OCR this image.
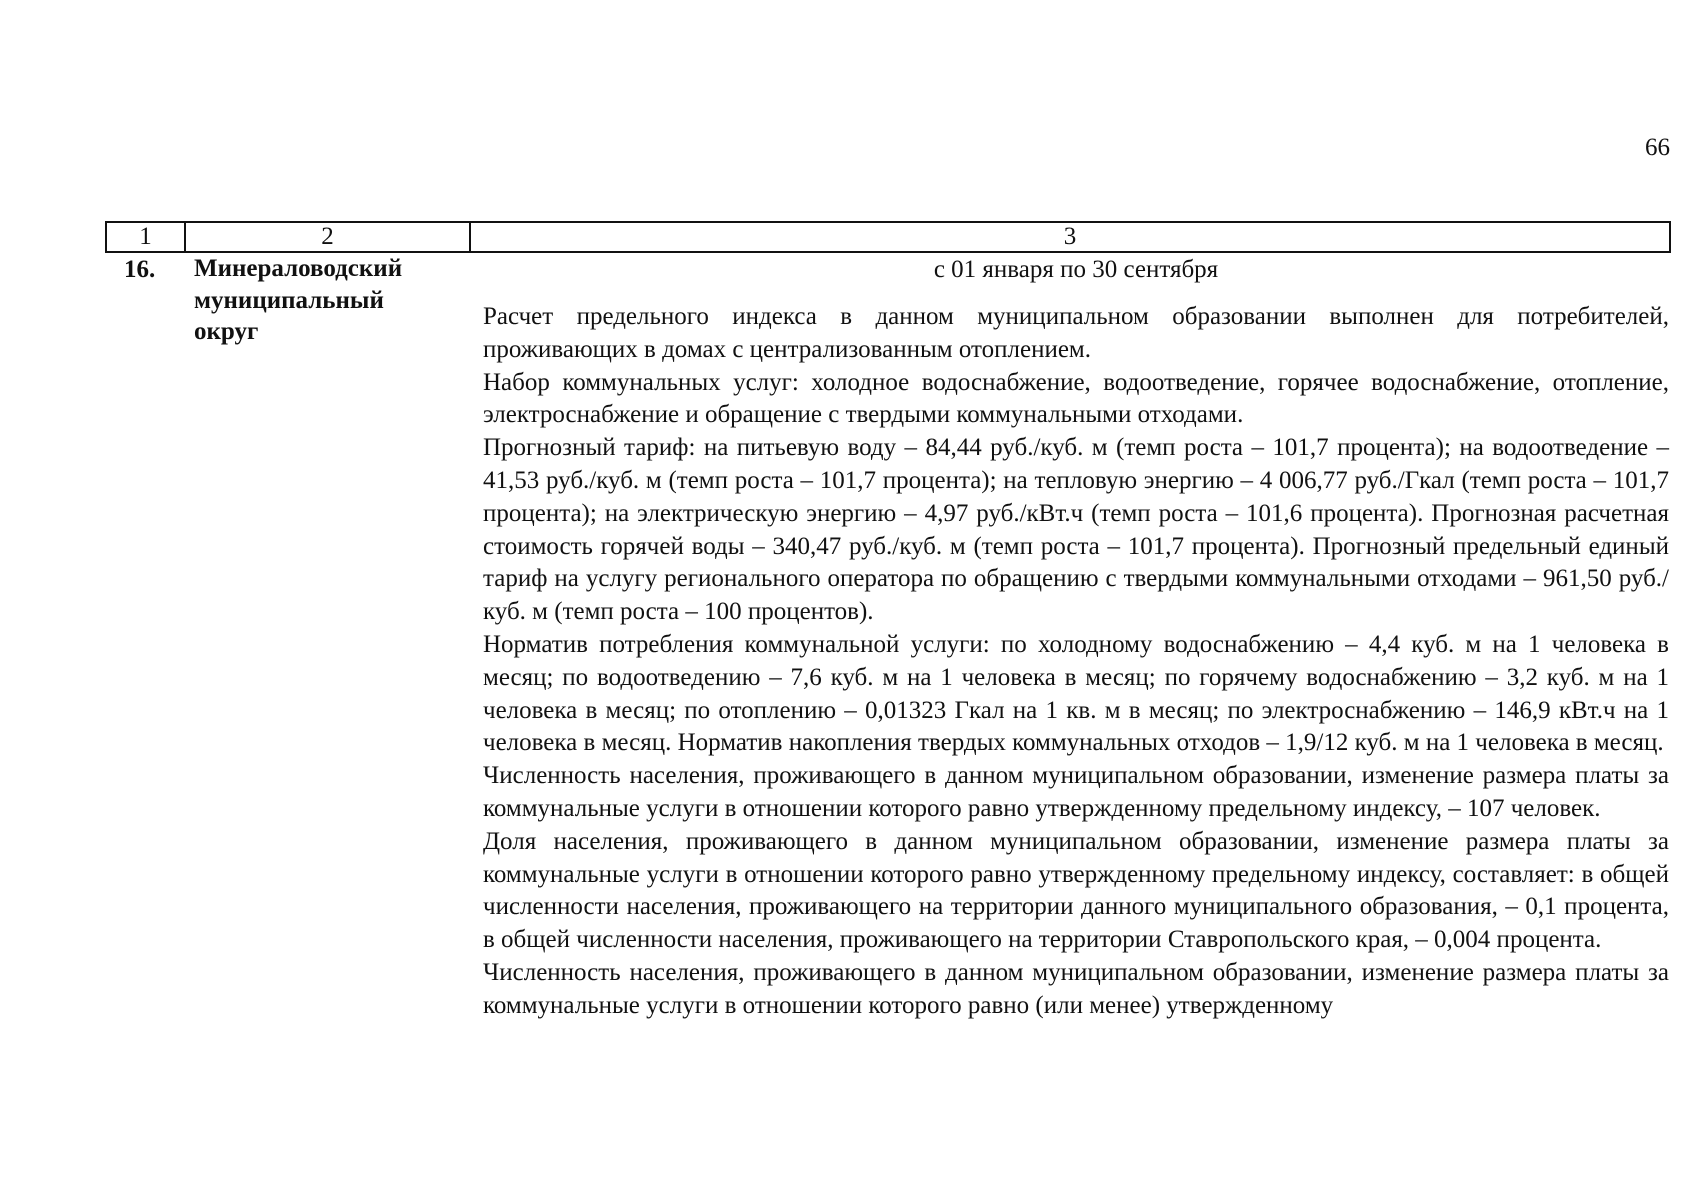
66
1	2	3
16. Минераловодский
муниципальный
округ
с 01 января по 30 сентября

Расчет предельного индекса в данном муниципальном образовании выполнен для потребителей, проживающих в домах с централизованным отоплением.

Набор коммунальных услуг: холодное водоснабжение, водоотведение, горячее водоснабжение, отопление, электроснабжение и обращение с твердыми коммунальными отходами.

Прогнозный тариф: на питьевую воду – 84,44 руб./куб. м (темп роста – 101,7 процента); на водоотведение – 41,53 руб./куб. м (темп роста – 101,7 процента); на тепловую энергию – 4 006,77 руб./Гкал (темп роста – 101,7 процента); на электрическую энергию – 4,97 руб./кВт.ч (темп роста – 101,6 процента). Прогнозная расчетная стоимость горячей воды – 340,47 руб./куб. м (темп роста – 101,7 процента). Прогнозный предельный единый тариф на услугу регионального оператора по обращению с твердыми коммунальными отходами – 961,50 руб./куб. м (темп роста – 100 процентов).

Норматив потребления коммунальной услуги: по холодному водоснабжению – 4,4 куб. м на 1 человека в месяц; по водоотведению – 7,6 куб. м на 1 человека в месяц; по горячему водоснабжению – 3,2 куб. м на 1 человека в месяц; по отоплению – 0,01323 Гкал на 1 кв. м в месяц; по электроснабжению – 146,9 кВт.ч на 1 человека в месяц. Норматив накопления твердых коммунальных отходов – 1,9/12 куб. м на 1 человека в месяц.

Численность населения, проживающего в данном муниципальном образовании, изменение размера платы за коммунальные услуги в отношении которого равно утвержденному предельному индексу, – 107 человек.

Доля населения, проживающего в данном муниципальном образовании, изменение размера платы за коммунальные услуги в отношении которого равно утвержденному предельному индексу, составляет: в общей численности населения, проживающего на территории данного муниципального образования, – 0,1 процента, в общей численности населения, проживающего на территории Ставропольского края, – 0,004 процента.

Численность населения, проживающего в данном муниципальном образовании, изменение размера платы за коммунальные услуги в отношении которого равно (или менее) утвержденному
